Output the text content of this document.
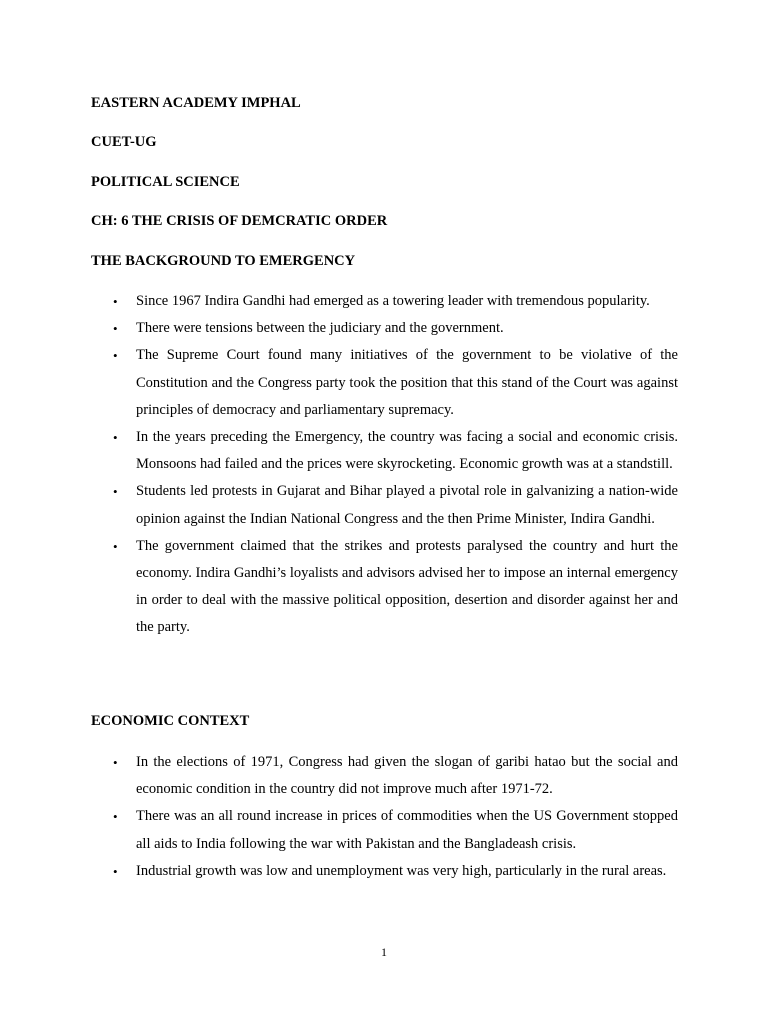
EASTERN ACADEMY IMPHAL
CUET-UG
POLITICAL SCIENCE
CH: 6 THE CRISIS OF DEMCRATIC ORDER
THE BACKGROUND TO EMERGENCY
• Since 1967 Indira Gandhi had emerged as a towering leader with tremendous popularity.
• There were tensions between the judiciary and the government.
• The Supreme Court found many initiatives of the government to be violative of the Constitution and the Congress party took the position that this stand of the Court was against principles of democracy and parliamentary supremacy.
• In the years preceding the Emergency, the country was facing a social and economic crisis. Monsoons had failed and the prices were skyrocketing. Economic growth was at a standstill.
• Students led protests in Gujarat and Bihar played a pivotal role in galvanizing a nation-wide opinion against the Indian National Congress and the then Prime Minister, Indira Gandhi.
• The government claimed that the strikes and protests paralysed the country and hurt the economy. Indira Gandhi’s loyalists and advisors advised her to impose an internal emergency in order to deal with the massive political opposition, desertion and disorder against her and the party.
ECONOMIC CONTEXT
• In the elections of 1971, Congress had given the slogan of garibi hatao but the social and economic condition in the country did not improve much after 1971-72.
• There was an all round increase in prices of commodities when the US Government stopped all aids to India following the war with Pakistan and the Bangladeash crisis.
• Industrial growth was low and unemployment was very high, particularly in the rural areas.
1
